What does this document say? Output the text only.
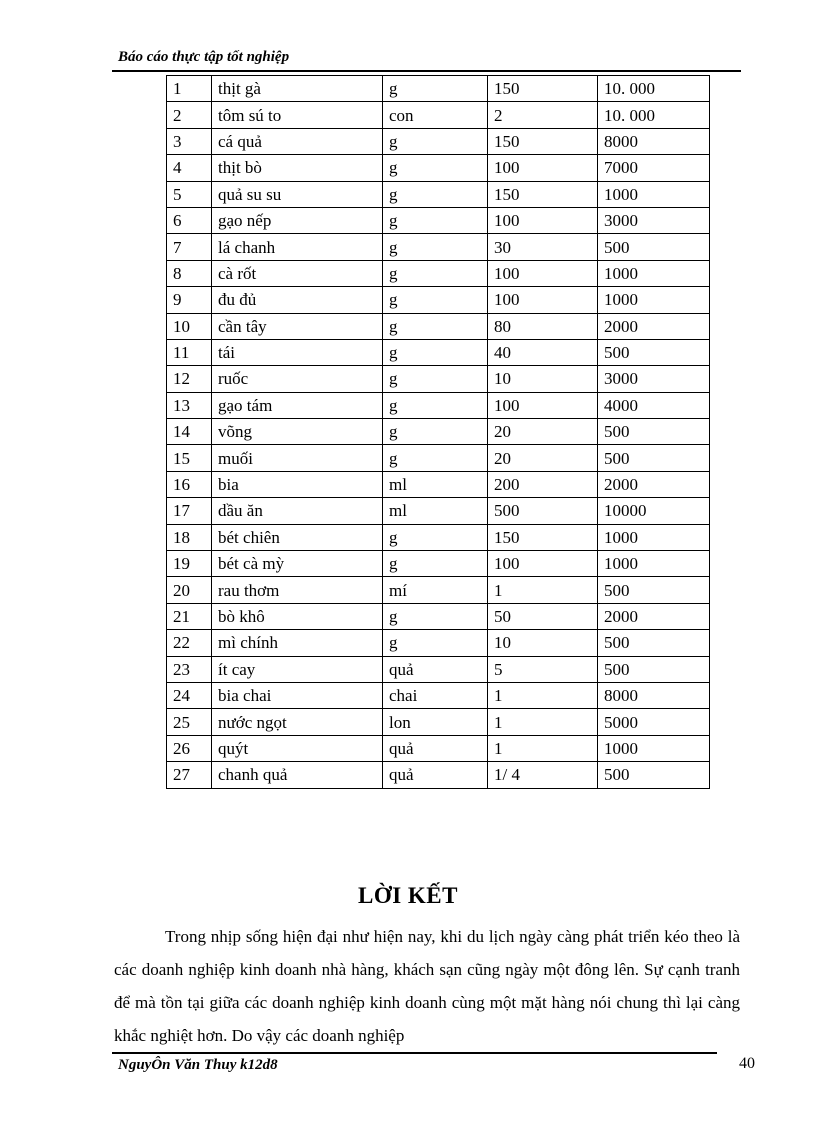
Báo cáo thực tập tốt nghiệp
1	thịt gà	g	150	10. 000
2	tôm sú to	con	2	10. 000
3	cá quả	g	150	8000
4	thịt bò	g	100	7000
5	quả su su	g	150	1000
6	gạo nếp	g	100	3000
7	lá chanh	g	30	500
8	cà rốt	g	100	1000
9	đu đủ	g	100	1000
10	cần tây	g	80	2000
11	tái	g	40	500
12	ruốc	g	10	3000
13	gạo tám	g	100	4000
14	võng	g	20	500
15	muối	g	20	500
16	bia	ml	200	2000
17	dầu ăn	ml	500	10000
18	bét chiên	g	150	1000
19	bét cà mỳ	g	100	1000
20	rau thơm	mí	1	500
21	bò khô	g	50	2000
22	mì chính	g	10	500
23	ít cay	quả	5	500
24	bia chai	chai	1	8000
25	nước ngọt	lon	1	5000
26	quýt	quả	1	1000
27	chanh quả	quả	1/ 4	500
LỜI KẾT

Trong nhịp sống hiện đại như hiện nay, khi du lịch ngày càng phát triển kéo theo là các doanh nghiệp kinh doanh nhà hàng, khách sạn cũng ngày một đông lên. Sự cạnh tranh để mà tồn tại giữa các doanh nghiệp kinh doanh cùng một mặt hàng nói chung thì lại càng khắc nghiệt hơn. Do vậy các doanh nghiệp

NguyÔn Văn Thuy k12d8	40
